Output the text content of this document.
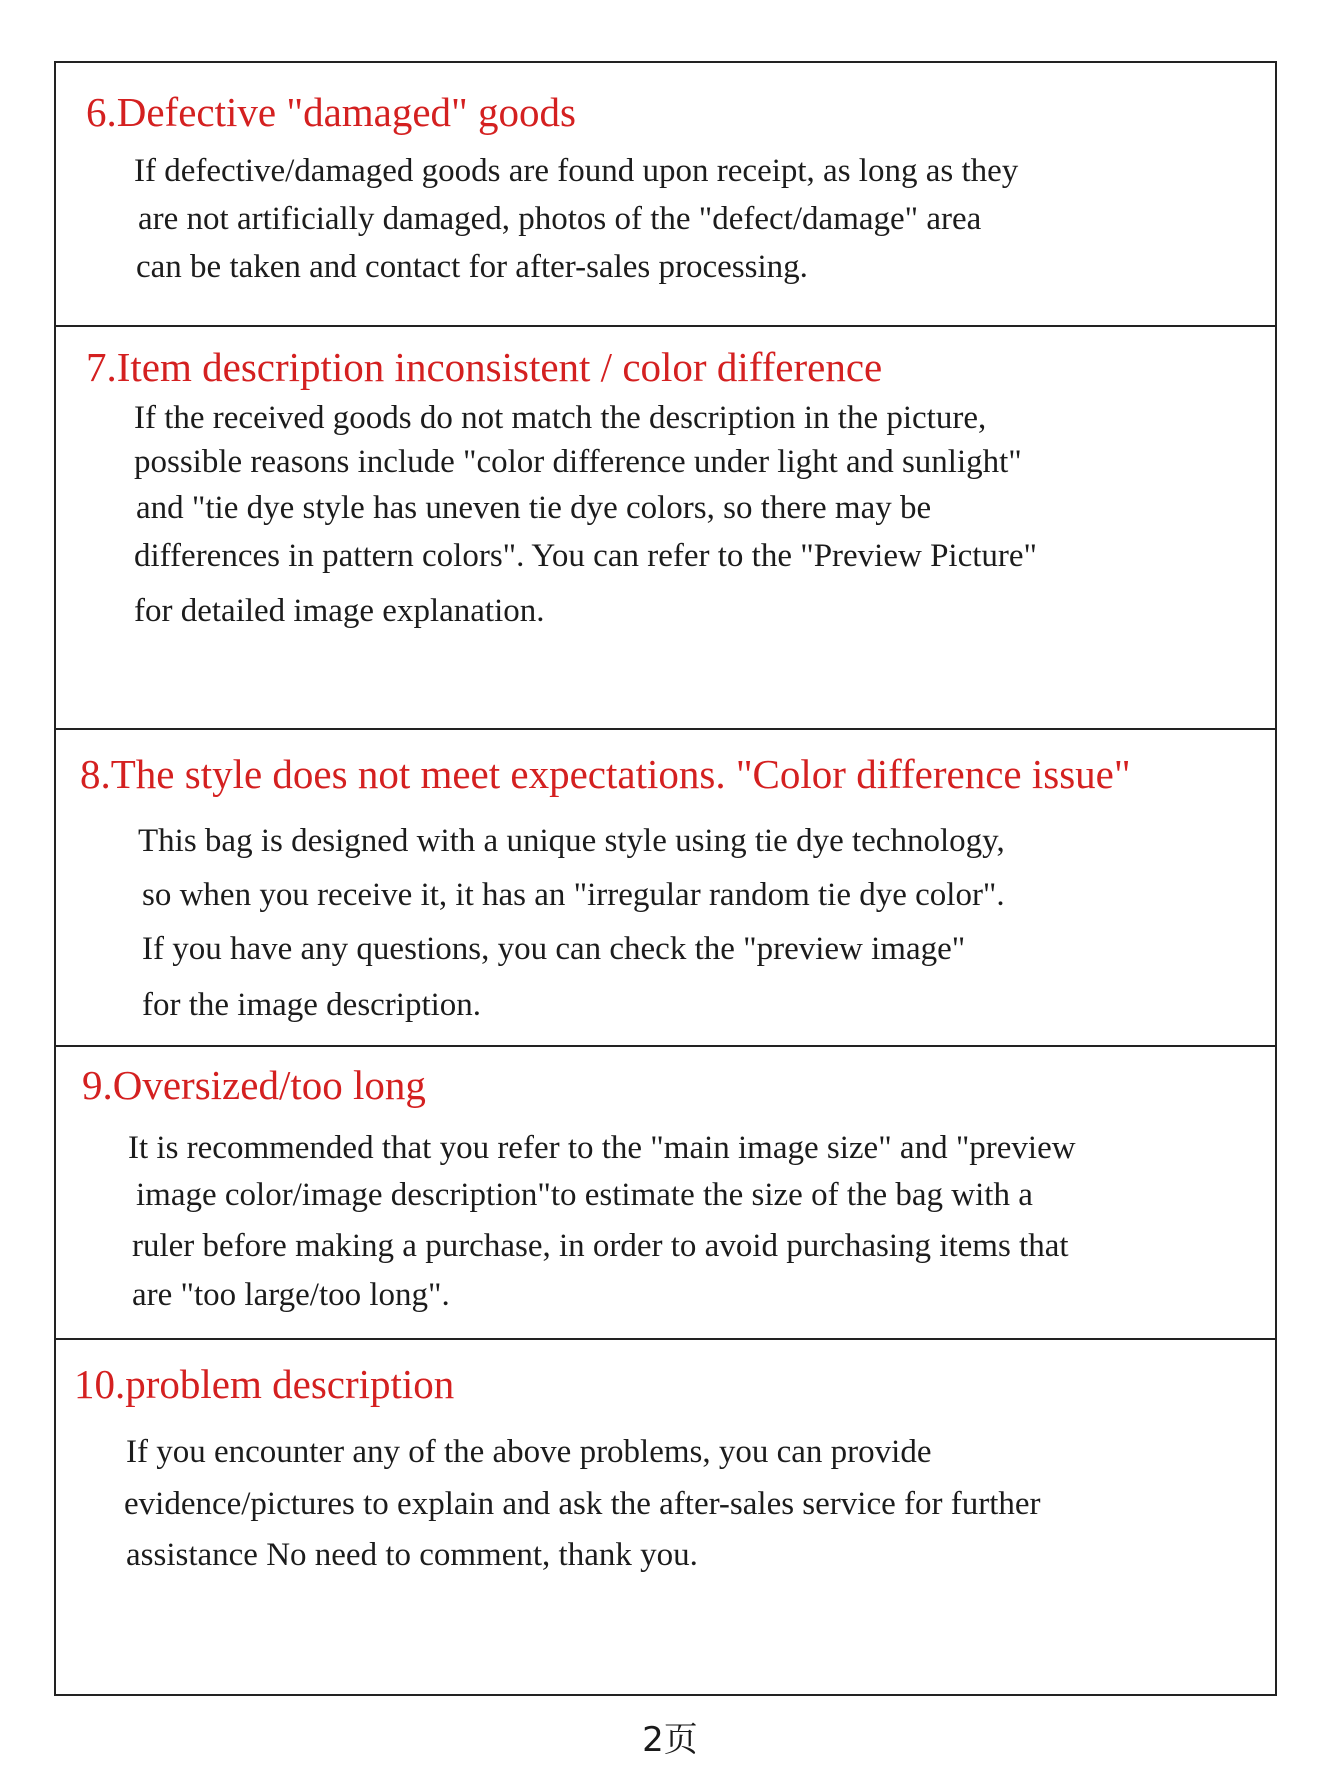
6.Defective "damaged" goods

If defective/damaged goods are found upon receipt, as long as they

are not artificially damaged, photos of the "defect/damage" area

can be taken and contact for after-sales processing.

7.Item description inconsistent / color difference

If the received goods do not match the description in the picture,

possible reasons include "color difference under light and sunlight"

and "tie dye style has uneven tie dye colors, so there may be

differences in pattern colors". You can refer to the "Preview Picture"

for detailed image explanation.

8.The style does not meet expectations. "Color difference issue"

This bag is designed with a unique style using tie dye technology,

so when you receive it, it has an "irregular random tie dye color".

If you have any questions, you can check the "preview image"

for the image description.

9.Oversized/too long

It is recommended that you refer to the "main image size" and "preview

image color/image description"to estimate the size of the bag with a

ruler before making a purchase, in order to avoid purchasing items that

are "too large/too long".

10.problem description

If you encounter any of the above problems, you can provide

evidence/pictures to explain and ask the after-sales service for further

assistance No need to comment, thank you.

2页
